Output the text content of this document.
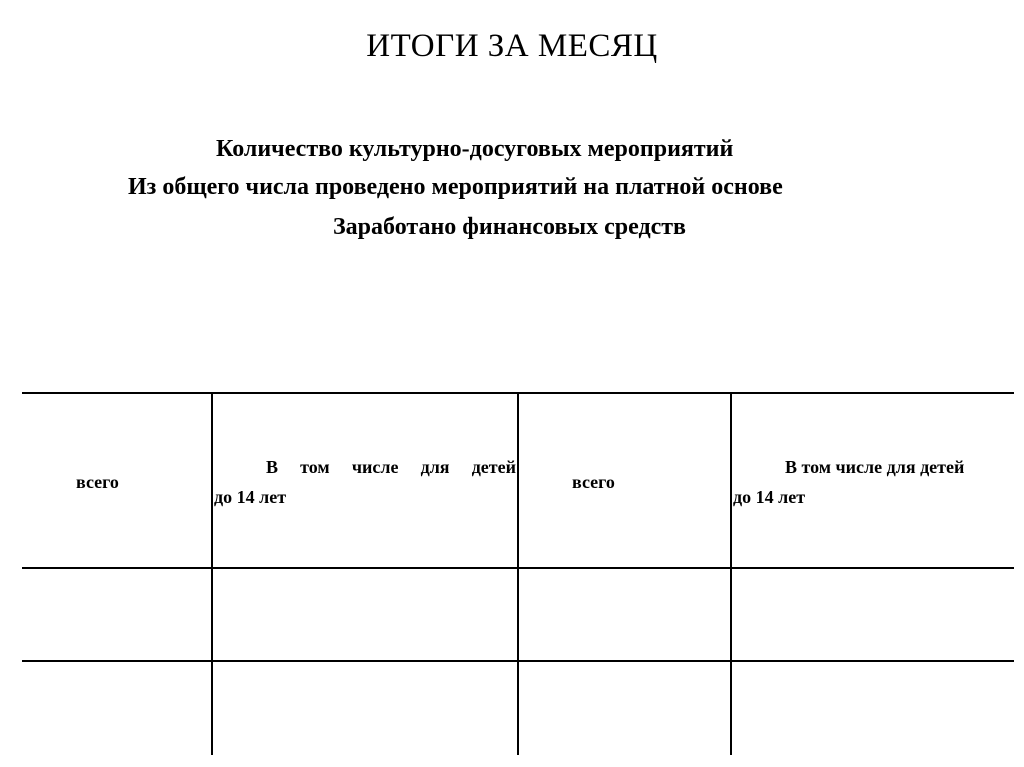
ИТОГИ ЗА МЕСЯЦ
Количество культурно-досуговых мероприятий
Из общего числа проведено мероприятий на платной основе
Заработано финансовых средств
всего
В том числе для детей
до 14 лет
всего
В том числе для детей
до 14 лет
